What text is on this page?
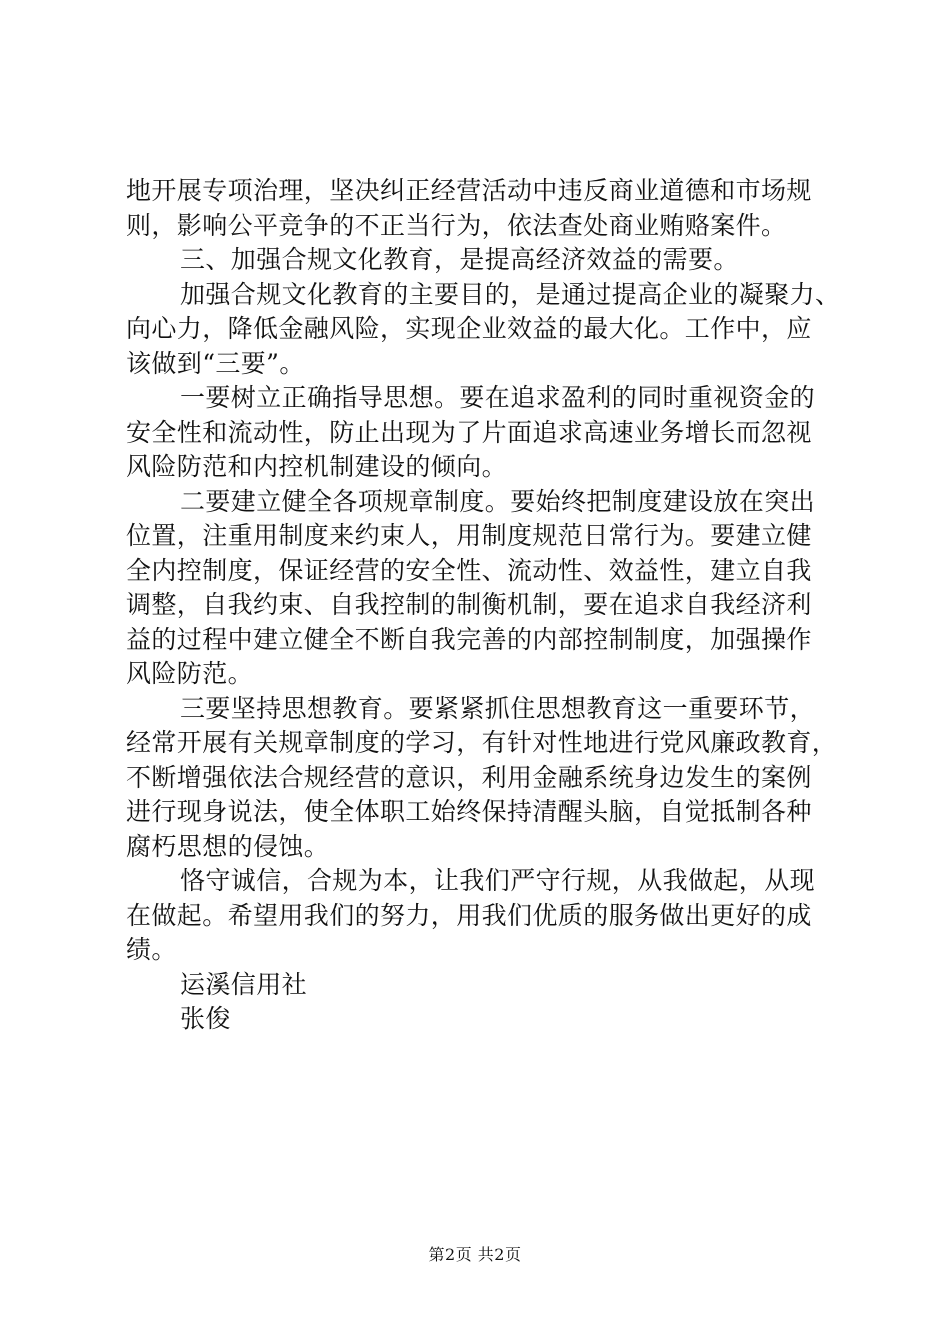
地开展专项治理，坚决纠正经营活动中违反商业道德和市场规
则，影响公平竞争的不正当行为，依法查处商业贿赂案件。
三、加强合规文化教育，是提高经济效益的需要。
加强合规文化教育的主要目的，是通过提高企业的凝聚力、
向心力，降低金融风险，实现企业效益的最大化。工作中，应
该做到“三要”。
一要树立正确指导思想。要在追求盈利的同时重视资金的
安全性和流动性，防止出现为了片面追求高速业务增长而忽视
风险防范和内控机制建设的倾向。
二要建立健全各项规章制度。要始终把制度建设放在突出
位置，注重用制度来约束人，用制度规范日常行为。要建立健
全内控制度，保证经营的安全性、流动性、效益性，建立自我
调整，自我约束、自我控制的制衡机制，要在追求自我经济利
益的过程中建立健全不断自我完善的内部控制制度，加强操作
风险防范。
三要坚持思想教育。要紧紧抓住思想教育这一重要环节，
经常开展有关规章制度的学习，有针对性地进行党风廉政教育，
不断增强依法合规经营的意识，利用金融系统身边发生的案例
进行现身说法，使全体职工始终保持清醒头脑，自觉抵制各种
腐朽思想的侵蚀。
恪守诚信，合规为本，让我们严守行规，从我做起，从现
在做起。希望用我们的努力，用我们优质的服务做出更好的成
绩。
运溪信用社
张俊
第2页 共2页
